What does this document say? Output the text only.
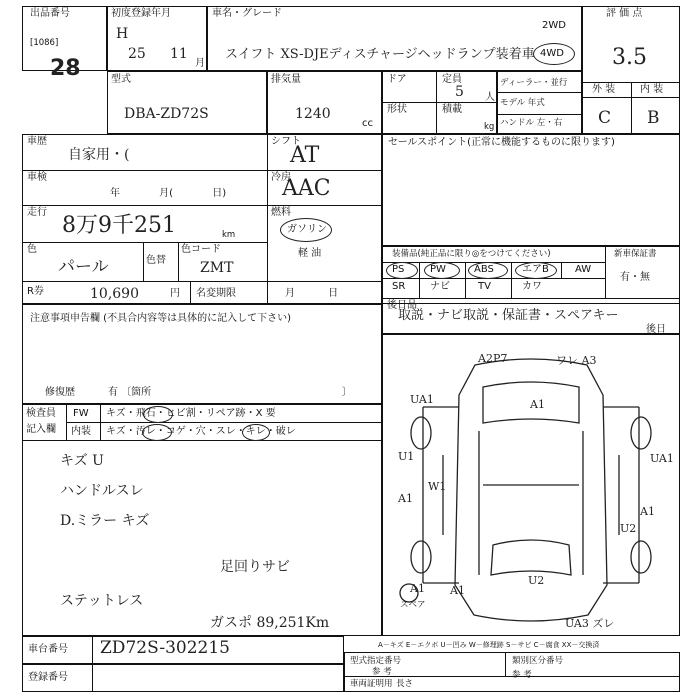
出品番号
[1086]
28
初度登録年月
H
25 11
月
車名・グレード
スイフト XS-DJEディスチャージヘッドランプ装着車
2WD
4WD
評 価 点
3.5
外 装 内 装
C B
型式
DBA-ZD72S
排気量
1240
cc
ドア	定員
5 人
形状	積載
kg
ディーラー・並行
モデル 年式
ハンドル 左・右
車歴
自家用・(
シフト
AT
車検
年 月( 日)
冷房
AAC
走行
8万9千251	km
燃料
ガソリン
軽 油
色
パール	色替
色コード
ZMT
R券	10,690	円 名変期限	月 日
セールスポイント(正常に機能するものに限ります)
装備品(純正品に限り◎をつけてください)	新車保証書
有・無
PS	PW	ABS	エアB	AW
SR ナビ	TV	カワ
後日品
取説・ナビ取説・保証書・スペアキー
後日
注意事項申告欄 (不具合内容等は具体的に記入して下さい)
修復歴	有 〔箇所	〕
検査員
記入欄
FW キズ・飛石・ヒビ割・リペア跡・X 要
内装 キズ・汚レ・コゲ・穴・スレ・キレ・破レ
キズ U
ハンドルスレ
D.ミラー キズ
足回りサビ
ステットレス
ガスポ 89,251Km
A2P7	ワレ A3
UA1	A1
U1
W1
UA1
A1
U2
A1
A1 A1
U2
UA3 ズレ
スペア
A－キズ E－エクボ U－凹み W－修理跡 S－サビ C－腐食 XX－交換済
車台番号 ZD72S-302215
登録番号
型式指定番号	類別区分番号
参 考
車両証明用 長さ
参 考
